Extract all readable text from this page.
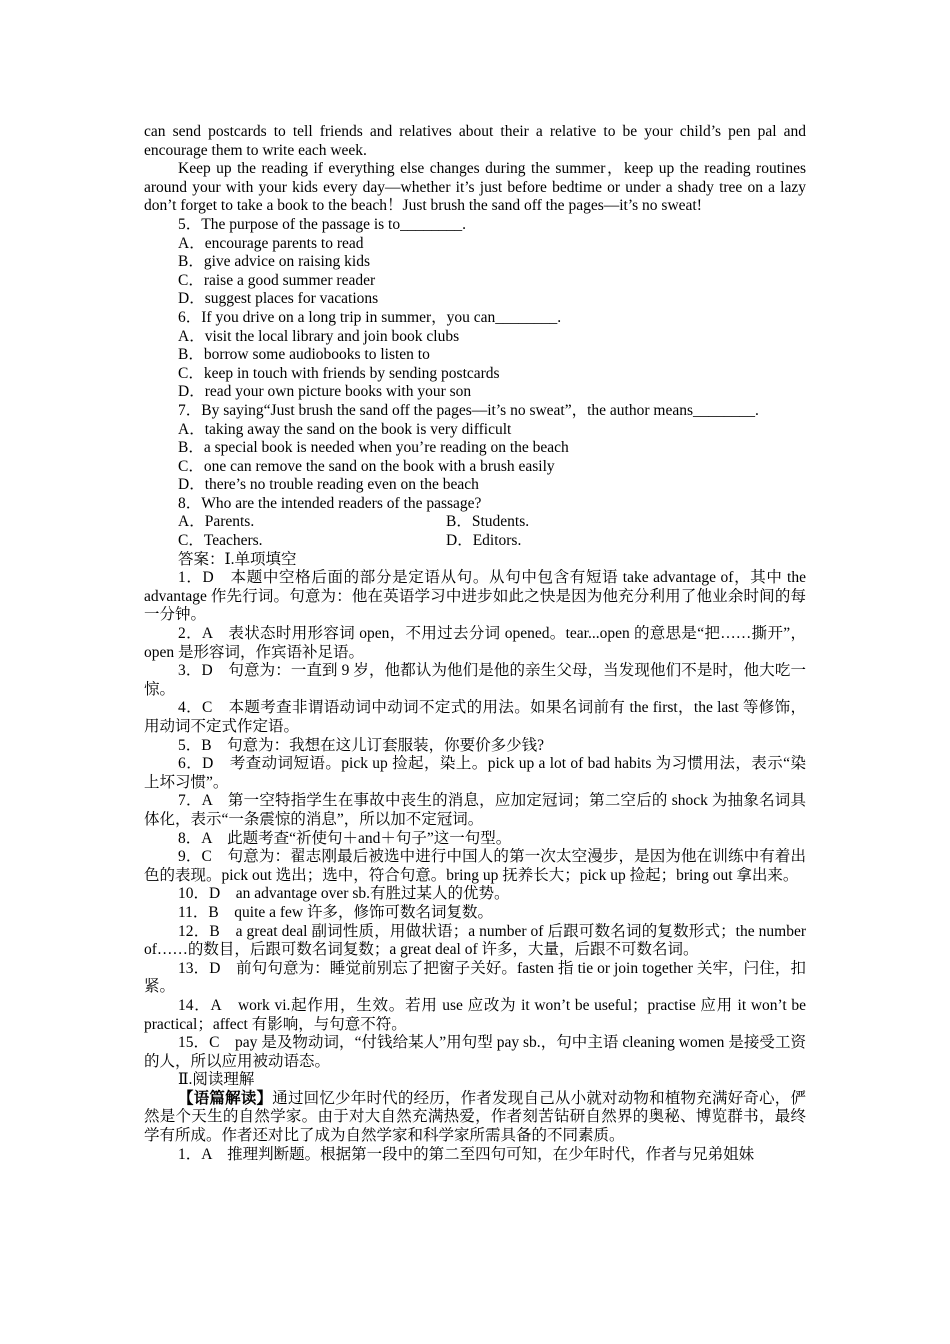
can send postcards to tell friends and relatives about their a relative to be your child’s pen pal and encourage them to write each week.

Keep up the reading if everything else changes during the summer，keep up the reading routines around your with your kids every day—whether it’s just before bedtime or under a shady tree on a lazy don’t forget to take a book to the beach！Just brush the sand off the pages—it’s no sweat!

5．The purpose of the passage is to________.

A．encourage parents to read

B．give advice on raising kids

C．raise a good summer reader

D．suggest places for vacations

6．If you drive on a long trip in summer，you can________.

A．visit the local library and join book clubs

B．borrow some audiobooks to listen to

C．keep in touch with friends by sending postcards

D．read your own picture books with your son

7．By saying“Just brush the sand off the pages—it’s no sweat”，the author means________.

A．taking away the sand on the book is very difficult

B．a special book is needed when you’re reading on the beach

C．one can remove the sand on the book with a brush easily

D．there’s no trouble reading even on the beach

8．Who are the intended readers of the passage?

A．Parents.	B．Students.
C．Teachers.	D．Editors.

答案：Ⅰ.单项填空

1．D　本题中空格后面的部分是定语从句。从句中包含有短语 take advantage of，其中 the advantage 作先行词。句意为：他在英语学习中进步如此之快是因为他充分利用了他业余时间的每一分钟。

2．A　表状态时用形容词 open，不用过去分词 opened。tear...open 的意思是“把……撕开”，open 是形容词，作宾语补足语。

3．D　句意为：一直到 9 岁，他都认为他们是他的亲生父母，当发现他们不是时，他大吃一惊。

4．C　本题考查非谓语动词中动词不定式的用法。如果名词前有 the first，the last 等修饰，用动词不定式作定语。

5．B　句意为：我想在这儿订套服装，你要价多少钱?

6．D　考查动词短语。pick up 捡起，染上。pick up a lot of bad habits 为习惯用法，表示“染上坏习惯”。

7．A　第一空特指学生在事故中丧生的消息，应加定冠词；第二空后的 shock 为抽象名词具体化，表示“一条震惊的消息”，所以加不定冠词。

8．A　此题考查“祈使句＋and＋句子”这一句型。

9．C　句意为：翟志刚最后被选中进行中国人的第一次太空漫步，是因为他在训练中有着出色的表现。pick out 选出；选中，符合句意。bring up 抚养长大；pick up 捡起；bring out 拿出来。

10．D　an advantage over sb.有胜过某人的优势。

11．B　quite a few 许多，修饰可数名词复数。

12．B　a great deal 副词性质，用做状语；a number of 后跟可数名词的复数形式；the number of……的数目，后跟可数名词复数；a great deal of 许多，大量，后跟不可数名词。

13．D　前句句意为：睡觉前别忘了把窗子关好。fasten 指 tie or join together 关牢，闩住，扣紧。

14．A　work vi.起作用，生效。若用 use 应改为 it won’t be useful；practise 应用 it won’t be practical；affect 有影响，与句意不符。

15．C　pay 是及物动词，“付钱给某人”用句型 pay sb.，句中主语 cleaning women 是接受工资的人，所以应用被动语态。

Ⅱ.阅读理解

【语篇解读】通过回忆少年时代的经历，作者发现自己从小就对动物和植物充满好奇心，俨然是个天生的自然学家。由于对大自然充满热爱，作者刻苦钻研自然界的奥秘、博览群书，最终学有所成。作者还对比了成为自然学家和科学家所需具备的不同素质。

1．A　推理判断题。根据第一段中的第二至四句可知，在少年时代，作者与兄弟姐妹
